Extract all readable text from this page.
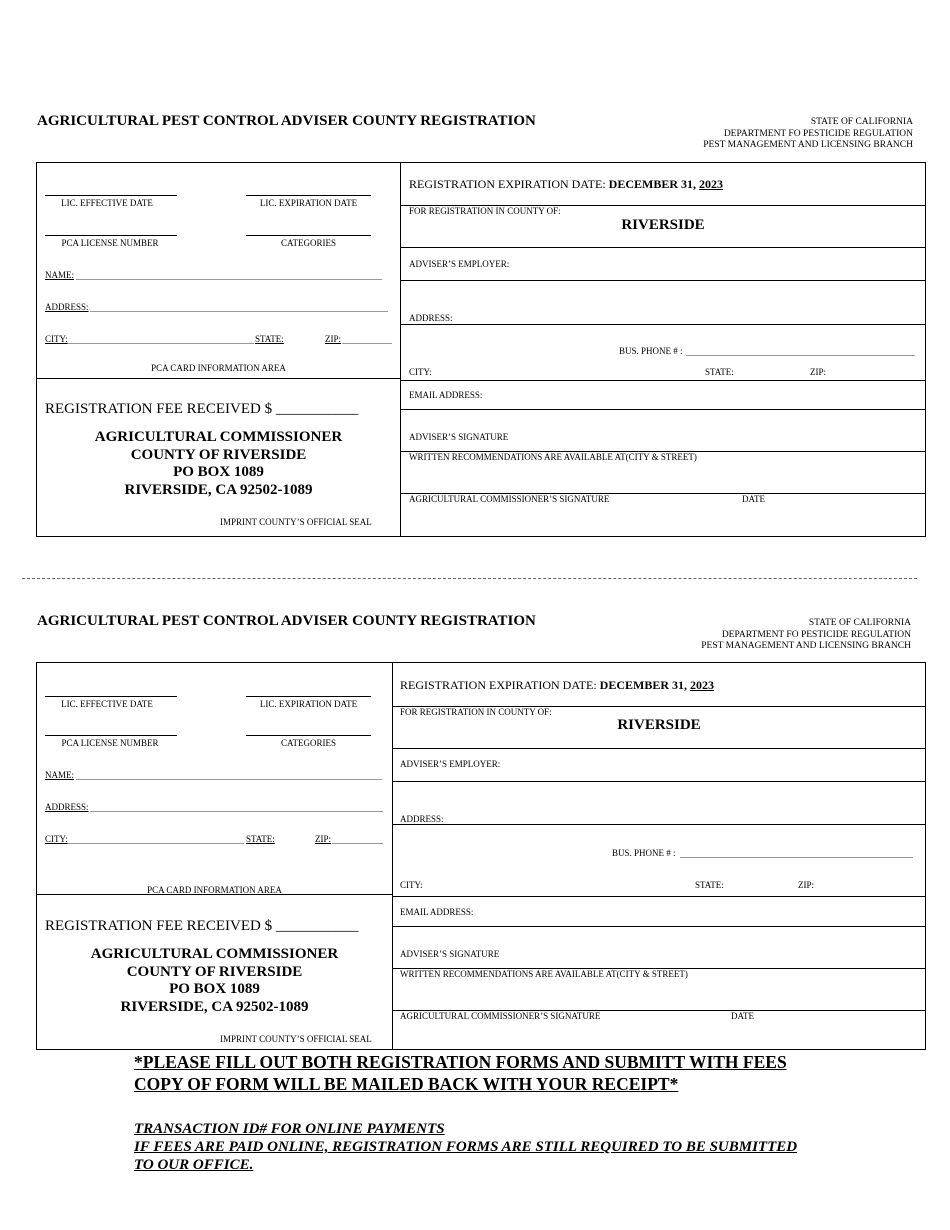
AGRICULTURAL PEST CONTROL ADVISER COUNTY REGISTRATION	STATE OF CALIFORNIA
DEPARTMENT FO PESTICIDE REGULATION
PEST MANAGEMENT AND LICENSING BRANCH
LIC. EFFECTIVE DATE	LIC. EXPIRATION DATE
PCA LICENSE NUMBER	CATEGORIES
NAME:
ADDRESS:
CITY:	STATE:	ZIP:
PCA CARD INFORMATION AREA
REGISTRATION FEE RECEIVED $ ___________
AGRICULTURAL COMMISSIONER
COUNTY OF RIVERSIDE
PO BOX 1089
RIVERSIDE, CA 92502-1089
IMPRINT COUNTY’S OFFICIAL SEAL
REGISTRATION EXPIRATION DATE: DECEMBER 31, 2023
FOR REGISTRATION IN COUNTY OF:
RIVERSIDE
ADVISER’S EMPLOYER:
ADDRESS:
BUS. PHONE # :
CITY:	STATE:	ZIP:
EMAIL ADDRESS:
ADVISER’S SIGNATURE
WRITTEN RECOMMENDATIONS ARE AVAILABLE AT(CITY & STREET)
AGRICULTURAL COMMISSIONER’S SIGNATURE	DATE
AGRICULTURAL PEST CONTROL ADVISER COUNTY REGISTRATION	STATE OF CALIFORNIA
DEPARTMENT FO PESTICIDE REGULATION
PEST MANAGEMENT AND LICENSING BRANCH
LIC. EFFECTIVE DATE	LIC. EXPIRATION DATE
PCA LICENSE NUMBER	CATEGORIES
NAME:
ADDRESS:
CITY:	STATE:	ZIP:
PCA CARD INFORMATION AREA
REGISTRATION FEE RECEIVED $ ___________
AGRICULTURAL COMMISSIONER
COUNTY OF RIVERSIDE
PO BOX 1089
RIVERSIDE, CA 92502-1089
IMPRINT COUNTY’S OFFICIAL SEAL
REGISTRATION EXPIRATION DATE: DECEMBER 31, 2023
FOR REGISTRATION IN COUNTY OF:
RIVERSIDE
ADVISER’S EMPLOYER:
ADDRESS:
BUS. PHONE # :
CITY:	STATE:	ZIP:
EMAIL ADDRESS:
ADVISER’S SIGNATURE
WRITTEN RECOMMENDATIONS ARE AVAILABLE AT(CITY & STREET)
AGRICULTURAL COMMISSIONER’S SIGNATURE	DATE
*PLEASE FILL OUT BOTH REGISTRATION FORMS AND SUBMITT WITH FEES
COPY OF FORM WILL BE MAILED BACK WITH YOUR RECEIPT*
TRANSACTION ID# FOR ONLINE PAYMENTS
IF FEES ARE PAID ONLINE, REGISTRATION FORMS ARE STILL REQUIRED TO BE SUBMITTED
TO OUR OFFICE.
